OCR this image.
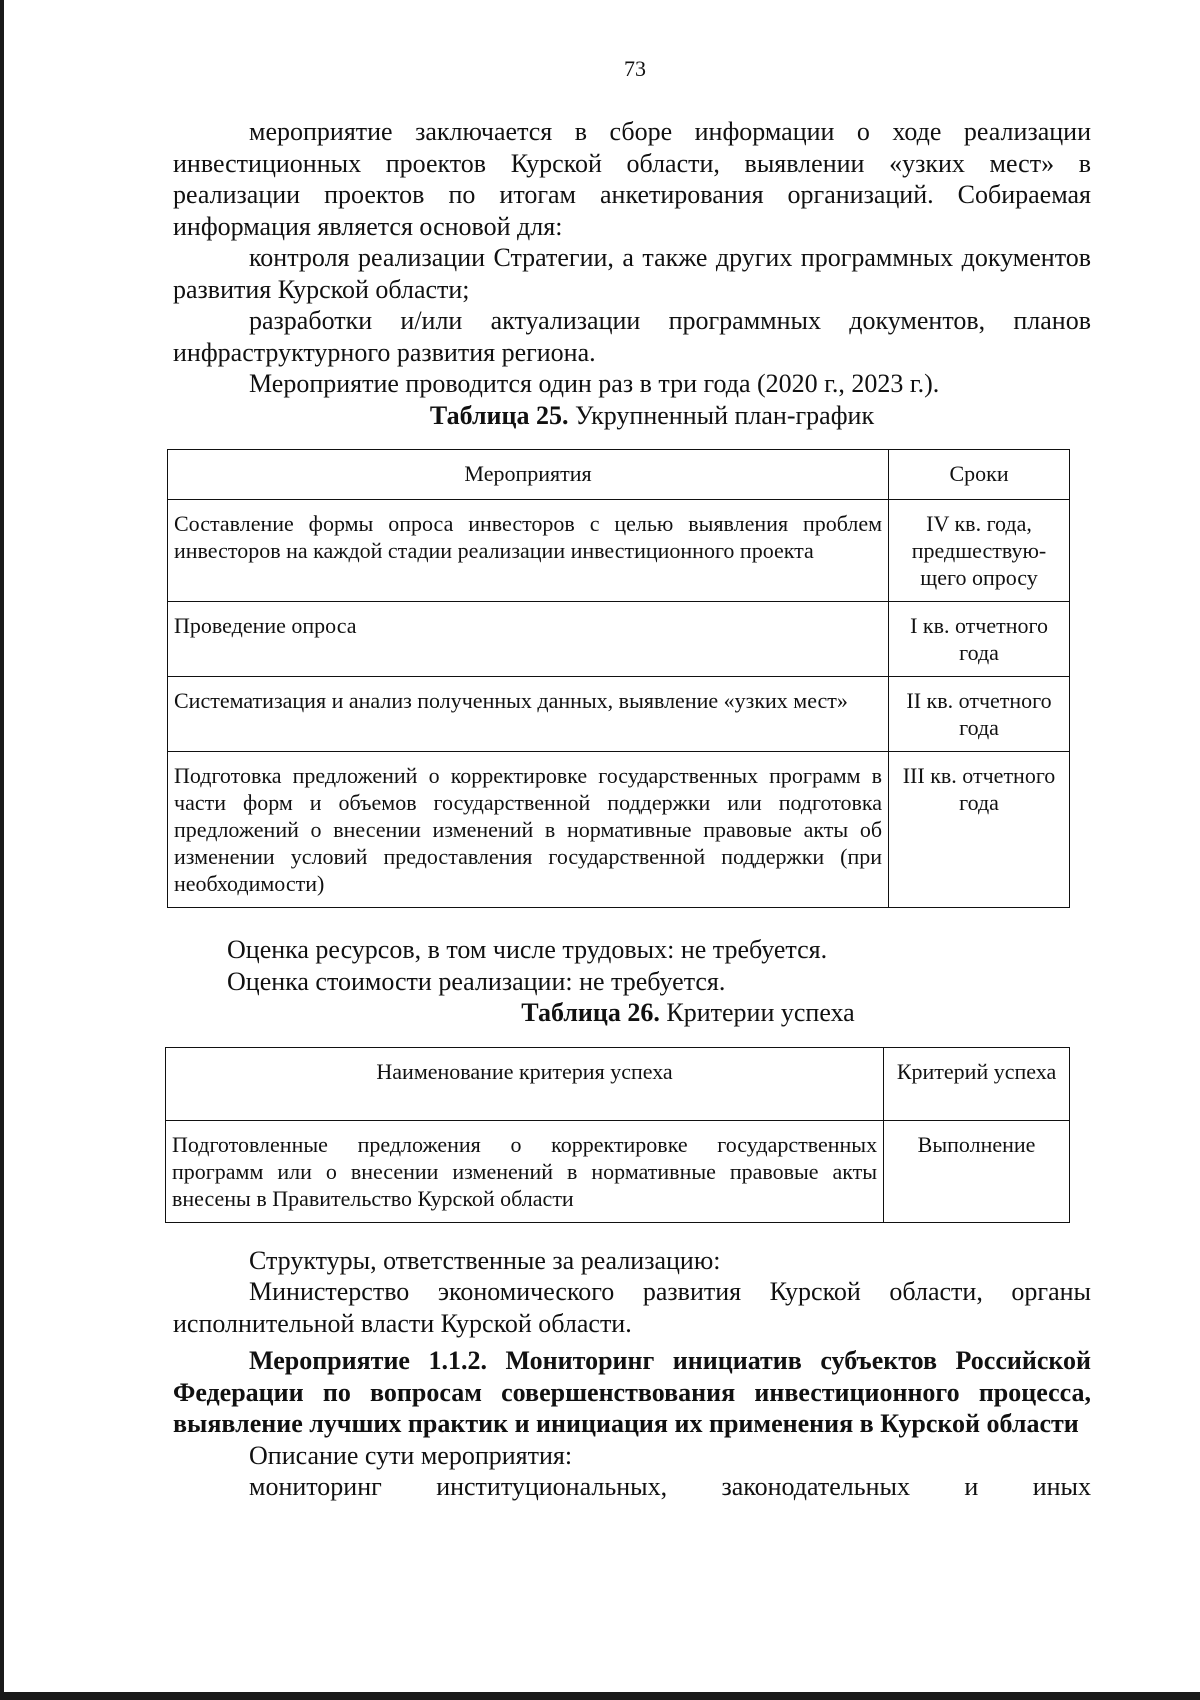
73

мероприятие заключается в сборе информации о ходе реализации инвестиционных проектов Курской области, выявлении «узких мест» в реализации проектов по итогам анкетирования организаций. Собираемая информация является основой для:

контроля реализации Стратегии, а также других программных документов развития Курской области;

разработки и/или актуализации программных документов, планов инфраструктурного развития региона.

Мероприятие проводится один раз в три года (2020 г., 2023 г.).

Таблица 25. Укрупненный план-график

Мероприятия	Сроки
Составление формы опроса инвесторов с целью выявления проблем инвесторов на каждой стадии реализации инвестиционного проекта	IV кв. года, предшествую-щего опросу
Проведение опроса	I кв. отчетного года
Систематизация и анализ полученных данных, выявление «узких мест»	II кв. отчетного года
Подготовка предложений о корректировке государственных программ в части форм и объемов государственной поддержки или подготовка предложений о внесении изменений в нормативные правовые акты об изменении условий предоставления государственной поддержки (при необходимости)	III кв. отчетного года

Оценка ресурсов, в том числе трудовых: не требуется.

Оценка стоимости реализации: не требуется.

Таблица 26. Критерии успеха

Наименование критерия успеха	Критерий успеха
Подготовленные предложения о корректировке государственных программ или о внесении изменений в нормативные правовые акты внесены в Правительство Курской области	Выполнение

Структуры, ответственные за реализацию:

Министерство экономического развития Курской области, органы исполнительной власти Курской области.

Мероприятие 1.1.2. Мониторинг инициатив субъектов Российской Федерации по вопросам совершенствования инвестиционного процесса, выявление лучших практик и инициация их применения в Курской области

Описание сути мероприятия:

мониторинг институциональных, законодательных и иных
